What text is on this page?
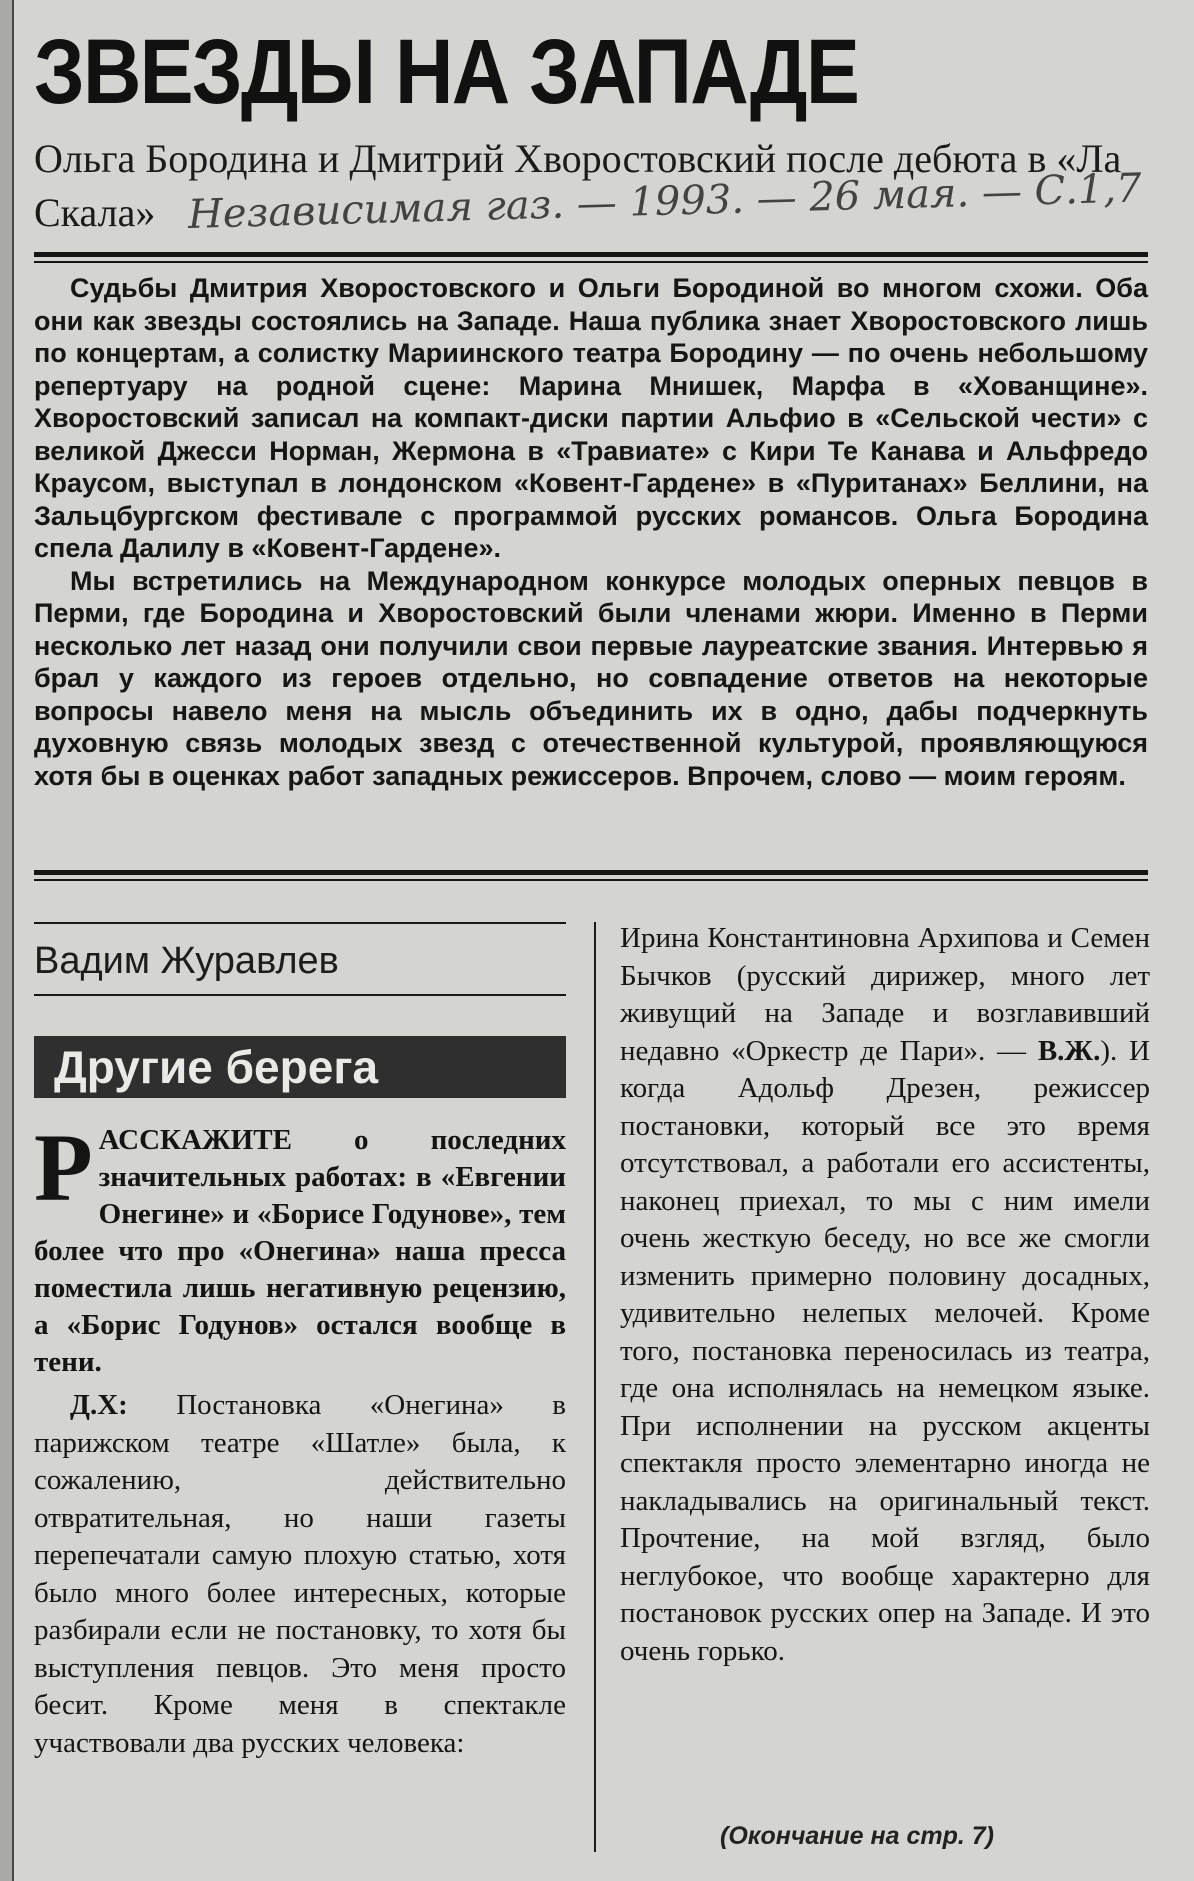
ЗВЕЗДЫ НА ЗАПАДЕ
Ольга Бородина и Дмитрий Хворостовский после дебюта в «Ла Скала» Независимая газ. — 1993. — 26 мая. — С.1,7

Судьбы Дмитрия Хворостовского и Ольги Бородиной во многом схожи. Оба они как звезды состоялись на Западе. Наша публика знает Хворостовского лишь по концертам, а солистку Мариинского театра Бородину — по очень небольшому репертуару на родной сцене: Марина Мнишек, Марфа в «Хованщине». Хворостовский записал на компакт-диски партии Альфио в «Сельской чести» с великой Джесси Норман, Жермона в «Травиате» с Кири Те Канава и Альфредо Краусом, выступал в лондонском «Ковент-Гардене» в «Пуританах» Беллини, на Зальцбургском фестивале с программой русских романсов. Ольга Бородина спела Далилу в «Ковент-Гардене».

Мы встретились на Международном конкурсе молодых оперных певцов в Перми, где Бородина и Хворостовский были членами жюри. Именно в Перми несколько лет назад они получили свои первые лауреатские звания. Интервью я брал у каждого из героев отдельно, но совпадение ответов на некоторые вопросы навело меня на мысль объединить их в одно, дабы подчеркнуть духовную связь молодых звезд с отечественной культурой, проявляющуюся хотя бы в оценках работ западных режиссеров. Впрочем, слово — моим героям.

Вадим Журавлев
Другие берега
Р АССКАЖИТЕ о последних значительных работах: в «Евгении Онегине» и «Борисе Годунове», тем более что про «Онегина» наша пресса поместила лишь негативную рецензию, а «Борис Годунов» остался вообще в тени.

Д.Х: Постановка «Онегина» в парижском театре «Шатле» была, к сожалению, действительно отвратительная, но наши газеты перепечатали самую плохую статью, хотя было много более интересных, которые разбирали если не постановку, то хотя бы выступления певцов. Это меня просто бесит. Кроме меня в спектакле участвовали два русских человека:

Ирина Константиновна Архипова и Семен Бычков (русский дирижер, много лет живущий на Западе и возглавивший недавно «Оркестр де Пари». — В.Ж.). И когда Адольф Дрезен, режиссер постановки, который все это время отсутствовал, а работали его ассистенты, наконец приехал, то мы с ним имели очень жесткую беседу, но все же смогли изменить примерно половину досадных, удивительно нелепых мелочей. Кроме того, постановка переносилась из театра, где она исполнялась на немецком языке. При исполнении на русском акценты спектакля просто элементарно иногда не накладывались на оригинальный текст. Прочтение, на мой взгляд, было неглубокое, что вообще характерно для постановок русских опер на Западе. И это очень горько.
(Окончание на стр. 7)
